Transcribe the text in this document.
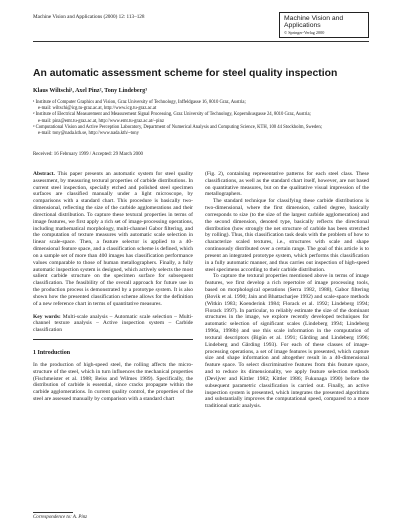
Machine Vision and Applications (2000) 12: 113–128	Machine Vision and
Applications
© Springer-Verlag 2000
An automatic assessment scheme for steel quality inspection
Klaus Wiltschi¹, Axel Pinz², Tony Lindeberg³
¹ Institute of Computer Graphics and Vision, Graz University of Technology, Inffeldgasse 16, 8010 Graz, Austria;
e-mail: wiltschi@icg.tu-graz.ac.at, http://www.icg.tu-graz.ac.at
² Institute of Electrical Measurement and Measurement Signal Processing, Graz University of Technology, Kopernikusgasse 24, 8010 Graz, Austria;
e-mail: pinz@emt.tu-graz.ac.at, http://www.emt.tu-graz.ac.at/~pinz
³ Computational Vision and Active Perception Laboratory, Department of Numerical Analysis and Computing Science, KTH, 100 44 Stockholm, Sweden;
e-mail: tony@nada.kth.se, http://www.nada.kth/~tony
Received: 16 February 1999 / Accepted: 29 March 2000

Abstract. This paper presents an automatic system for steel quality assessment, by measuring textural properties of carbide distributions. In current steel inspection, specially etched and polished steel specimen surfaces are classified manually under a light microscope, by comparisons with a standard chart. This procedure is basically two-dimensional, reflecting the size of the carbide agglomerations and their directional distribution. To capture these textural properties in terms of image features, we first apply a rich set of image-processing operations, including mathematical morphology, multi-channel Gabor filtering, and the computation of texture measures with automatic scale selection in linear scale-space. Then, a feature selector is applied to a 40-dimensional feature space, and a classification scheme is defined, which on a sample set of more than 400 images has classification performance values comparable to those of human metallographers. Finally, a fully automatic inspection system is designed, which actively selects the most salient carbide structure on the specimen surface for subsequent classification. The feasibility of the overall approach for future use in the production process is demonstrated by a prototype system. It is also shown how the presented classification scheme allows for the definition of a new reference chart in terms of quantitative measures.

Key words: Multi-scale analysis – Automatic scale selection – Multi-channel texture analysis – Active inspection system – Carbide classification

1 Introduction

In the production of high-speed steel, the rolling affects the micro-structure of the steel, which in turn influences the mechanical properties (Fischmeister et al. 1988; Beiss and Wilmes 1989). Specifically, the distribution of carbide is essential, since cracks propagate within the carbide agglomerations. In current quality control, the properties of the steel are assessed manually by comparison with a standard chart

(Fig. 2), containing representative patterns for each steel class. These classifications, as well as the standard chart itself, however, are not based on quantitative measures, but on the qualitative visual impression of the metallographers.

The standard technique for classifying these carbide distributions is two-dimensional, where the first dimension, called degree, basically corresponds to size (to the size of the largest carbide agglomeration) and the second dimension, denoted type, basically reflects the directional distribution (how strongly the net structure of carbide has been stretched by rolling). Thus, this classification task deals with the problem of how to characterize scaled textures, i.e., structures with scale and shape continuously distributed over a certain range. The goal of this article is to present an integrated prototype system, which performs this classification in a fully automatic manner, and thus carries out inspection of high-speed steel specimens according to their carbide distribution.

To capture the textural properties mentioned above in terms of image features, we first develop a rich repertoire of image processing tools, based on morphological operations (Serra 1982, 1988), Gabor filtering (Bovik et al. 1990; Jain and Bhattacharjee 1992) and scale-space methods (Witkin 1983; Koenderink 1984; Florack et al. 1992; Lindeberg 1994; Florack 1997). In particular, to reliably estimate the size of the dominant structures in the image, we explore recently developed techniques for automatic selection of significant scales (Lindeberg 1994; Lindeberg 1996a, 1998b) and use this scale information in the computation of textural descriptors (Bigün et al. 1991; Gårding and Lindeberg 1996; Lindeberg and Gårding 1993). For each of these classes of image-processing operations, a set of image features is presented, which capture size and shape information and altogether result in a 40-dimensional feature space. To select discriminative features from this feature space, and to reduce its dimensionality, we apply feature selection methods (Devijver and Kittler 1982; Kittler 1986; Fukunaga 1990) before the subsequent parametric classification is carried out. Finally, an active inspection system is presented, which integrates the presented algorithms and substantially improves the computational speed, compared to a more traditional static analysis.

Correspondence to: A. Pinz
